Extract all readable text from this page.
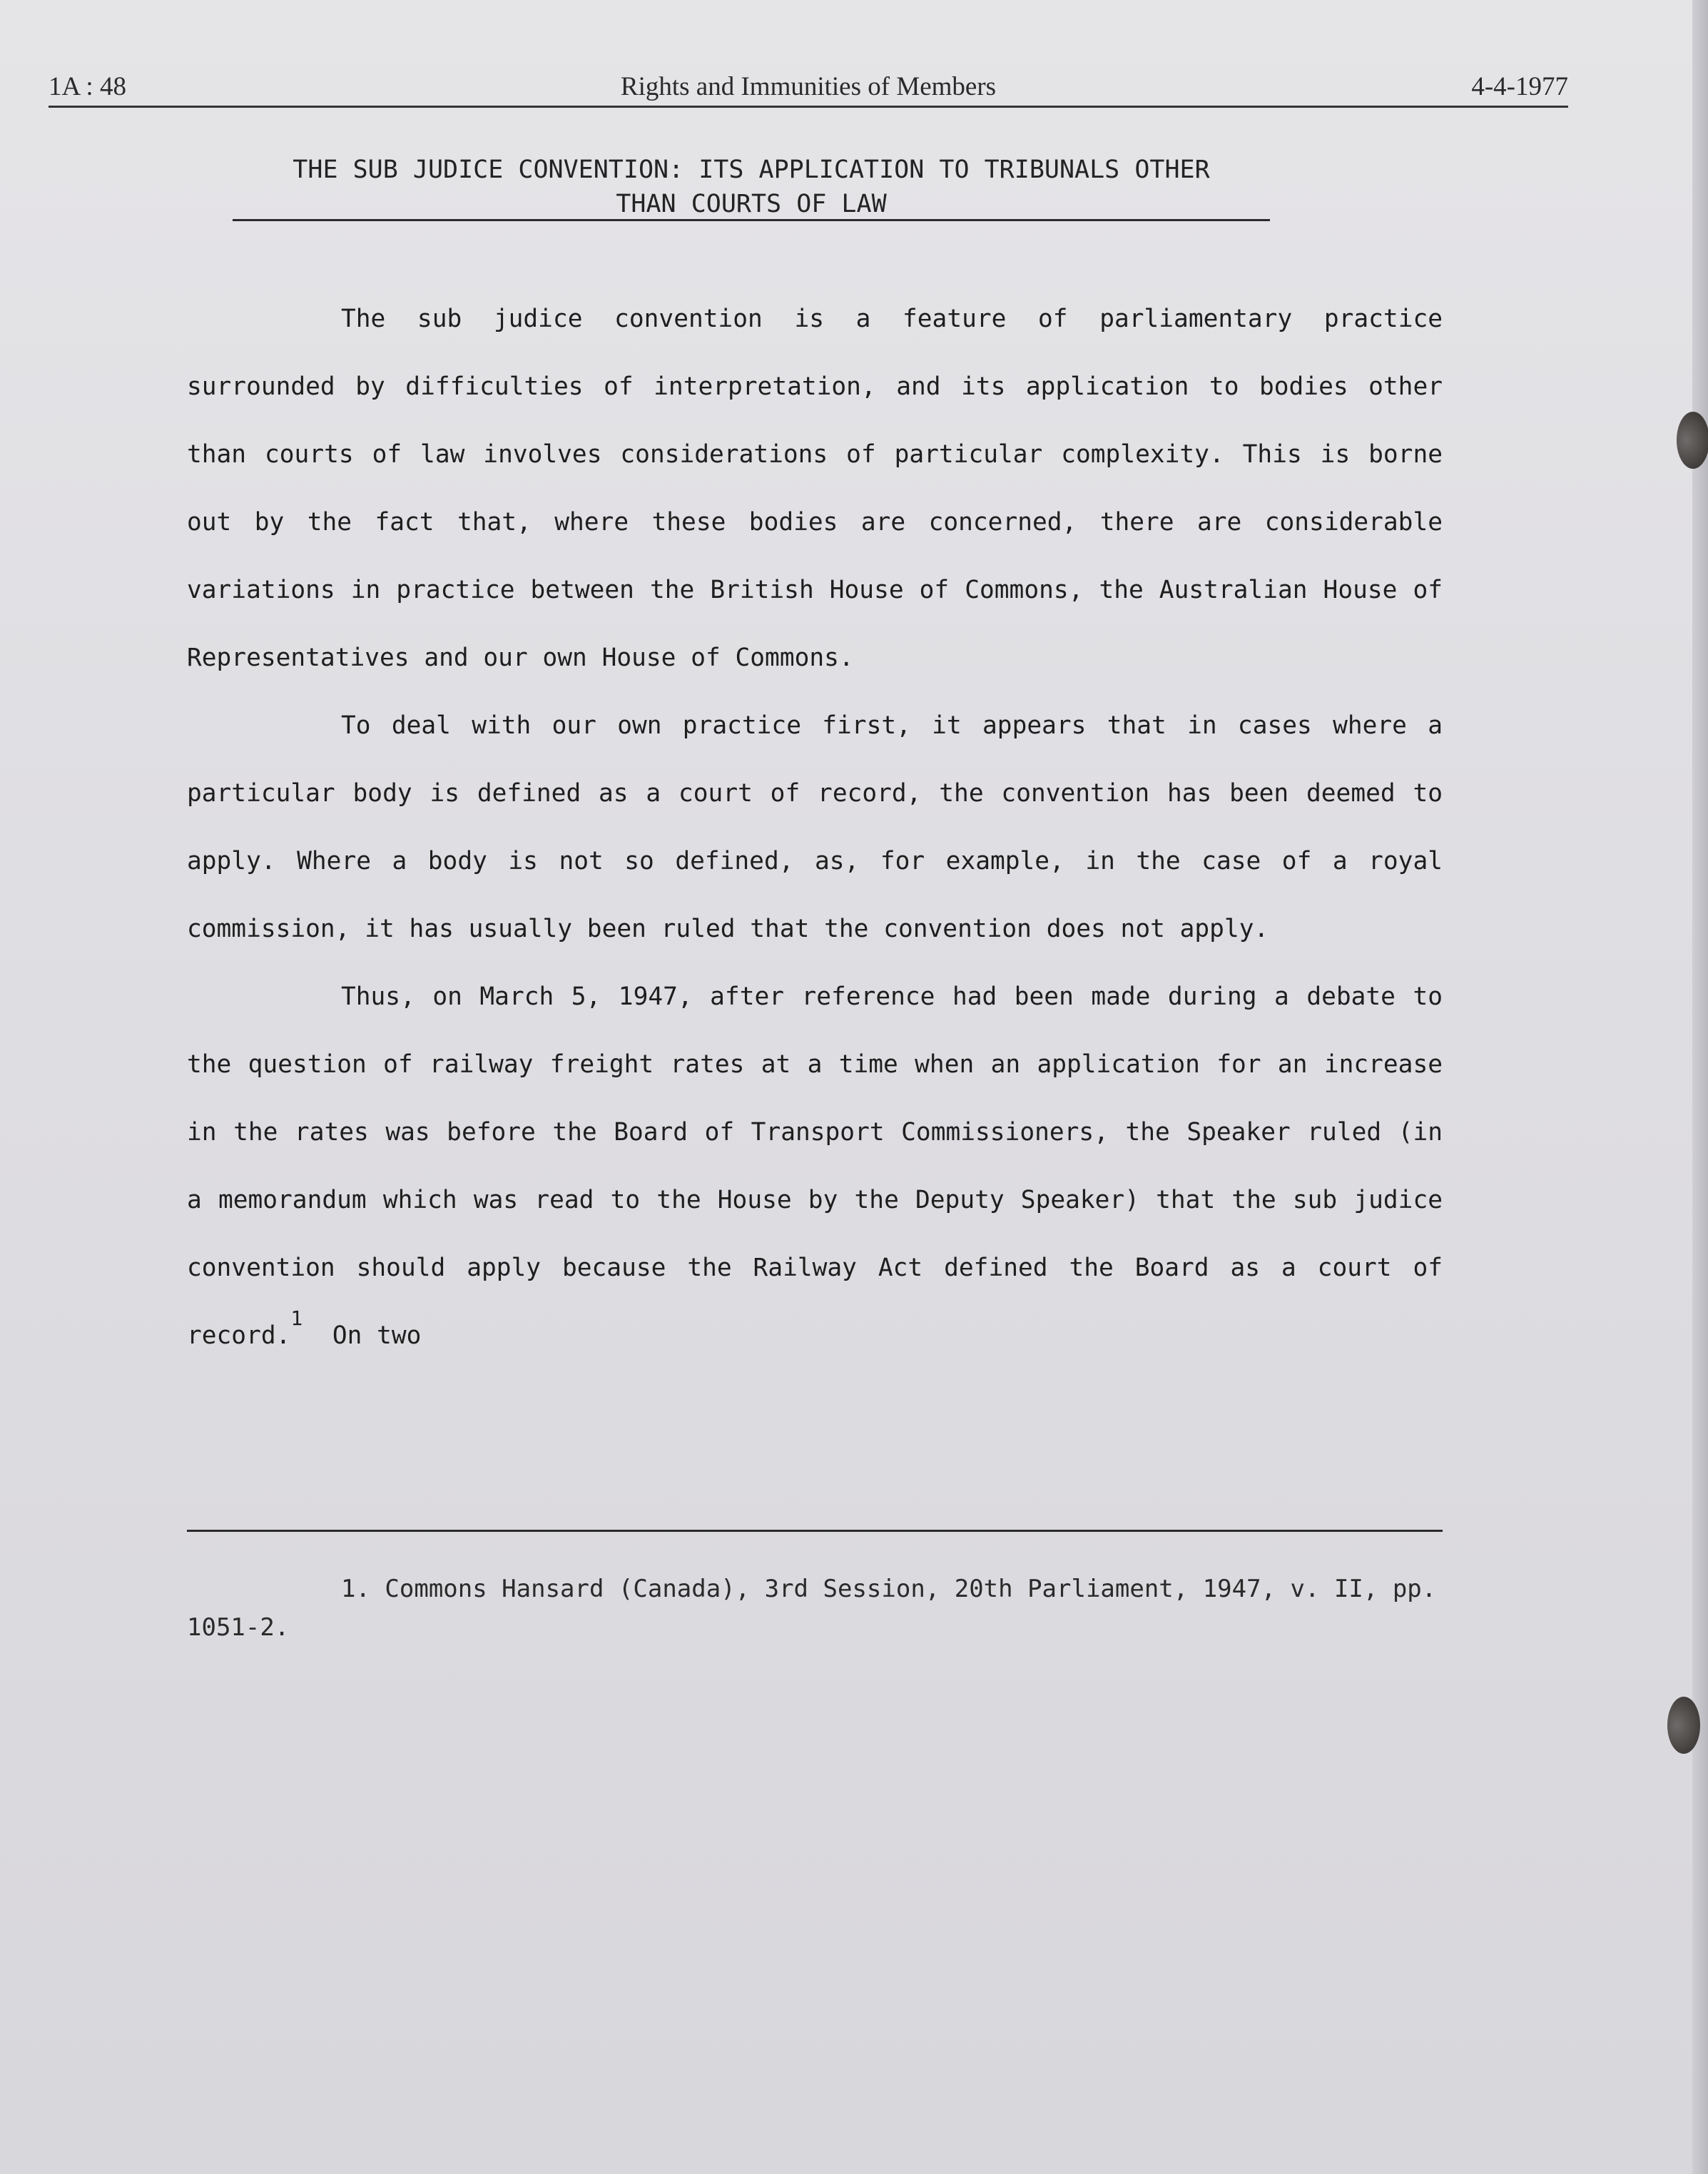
1A : 48	Rights and Immunities of Members	4-4-1977
THE SUB JUDICE CONVENTION: ITS APPLICATION TO TRIBUNALS OTHER
THAN COURTS OF LAW

The sub judice convention is a feature of parliamentary practice surrounded by difficulties of interpretation, and its application to bodies other than courts of law involves considerations of particular complexity. This is borne out by the fact that, where these bodies are concerned, there are considerable variations in practice between the British House of Commons, the Australian House of Representatives and our own House of Commons.

To deal with our own practice first, it appears that in cases where a particular body is defined as a court of record, the convention has been deemed to apply. Where a body is not so defined, as, for example, in the case of a royal commission, it has usually been ruled that the convention does not apply.

Thus, on March 5, 1947, after reference had been made during a debate to the question of railway freight rates at a time when an application for an increase in the rates was before the Board of Transport Commissioners, the Speaker ruled (in a memorandum which was read to the House by the Deputy Speaker) that the sub judice convention should apply because the Railway Act defined the Board as a court of record.$^1$  On two

1. Commons Hansard (Canada), 3rd Session, 20th Parliament, 1947, v. II, pp. 1051-2.
